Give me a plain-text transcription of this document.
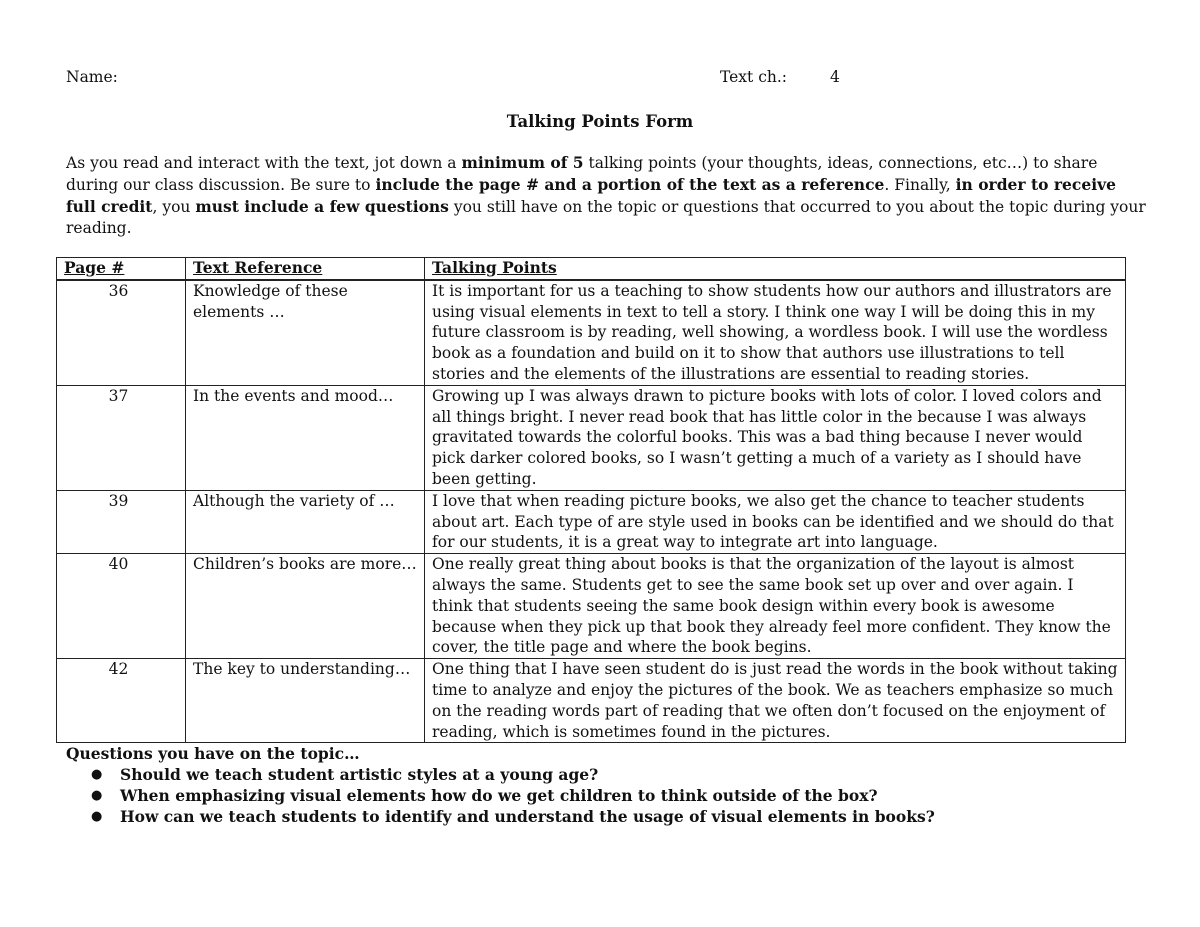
Name:	Text ch.:	4
Talking Points Form
As you read and interact with the text, jot down a minimum of 5 talking points (your thoughts, ideas, connections, etc…) to share during our class discussion. Be sure to include the page # and a portion of the text as a reference. Finally, in order to receive full credit, you must include a few questions you still have on the topic or questions that occurred to you about the topic during your reading.
Page #	Text Reference	Talking Points
36	Knowledge of these elements …	It is important for us a teaching to show students how our authors and illustrators are using visual elements in text to tell a story. I think one way I will be doing this in my future classroom is by reading, well showing, a wordless book. I will use the wordless book as a foundation and build on it to show that authors use illustrations to tell stories and the elements of the illustrations are essential to reading stories.
37	In the events and mood…	Growing up I was always drawn to picture books with lots of color. I loved colors and all things bright. I never read book that has little color in the because I was always gravitated towards the colorful books. This was a bad thing because I never would pick darker colored books, so I wasn’t getting a much of a variety as I should have been getting.
39	Although the variety of …	I love that when reading picture books, we also get the chance to teacher students about art. Each type of are style used in books can be identified and we should do that for our students, it is a great way to integrate art into language.
40	Children’s books are more…	One really great thing about books is that the organization of the layout is almost always the same. Students get to see the same book set up over and over again. I think that students seeing the same book design within every book is awesome because when they pick up that book they already feel more confident. They know the cover, the title page and where the book begins.
42	The key to understanding…	One thing that I have seen student do is just read the words in the book without taking time to analyze and enjoy the pictures of the book. We as teachers emphasize so much on the reading words part of reading that we often don’t focused on the enjoyment of reading, which is sometimes found in the pictures.
Questions you have on the topic…
● Should we teach student artistic styles at a young age?
● When emphasizing visual elements how do we get children to think outside of the box?
● How can we teach students to identify and understand the usage of visual elements in books?
